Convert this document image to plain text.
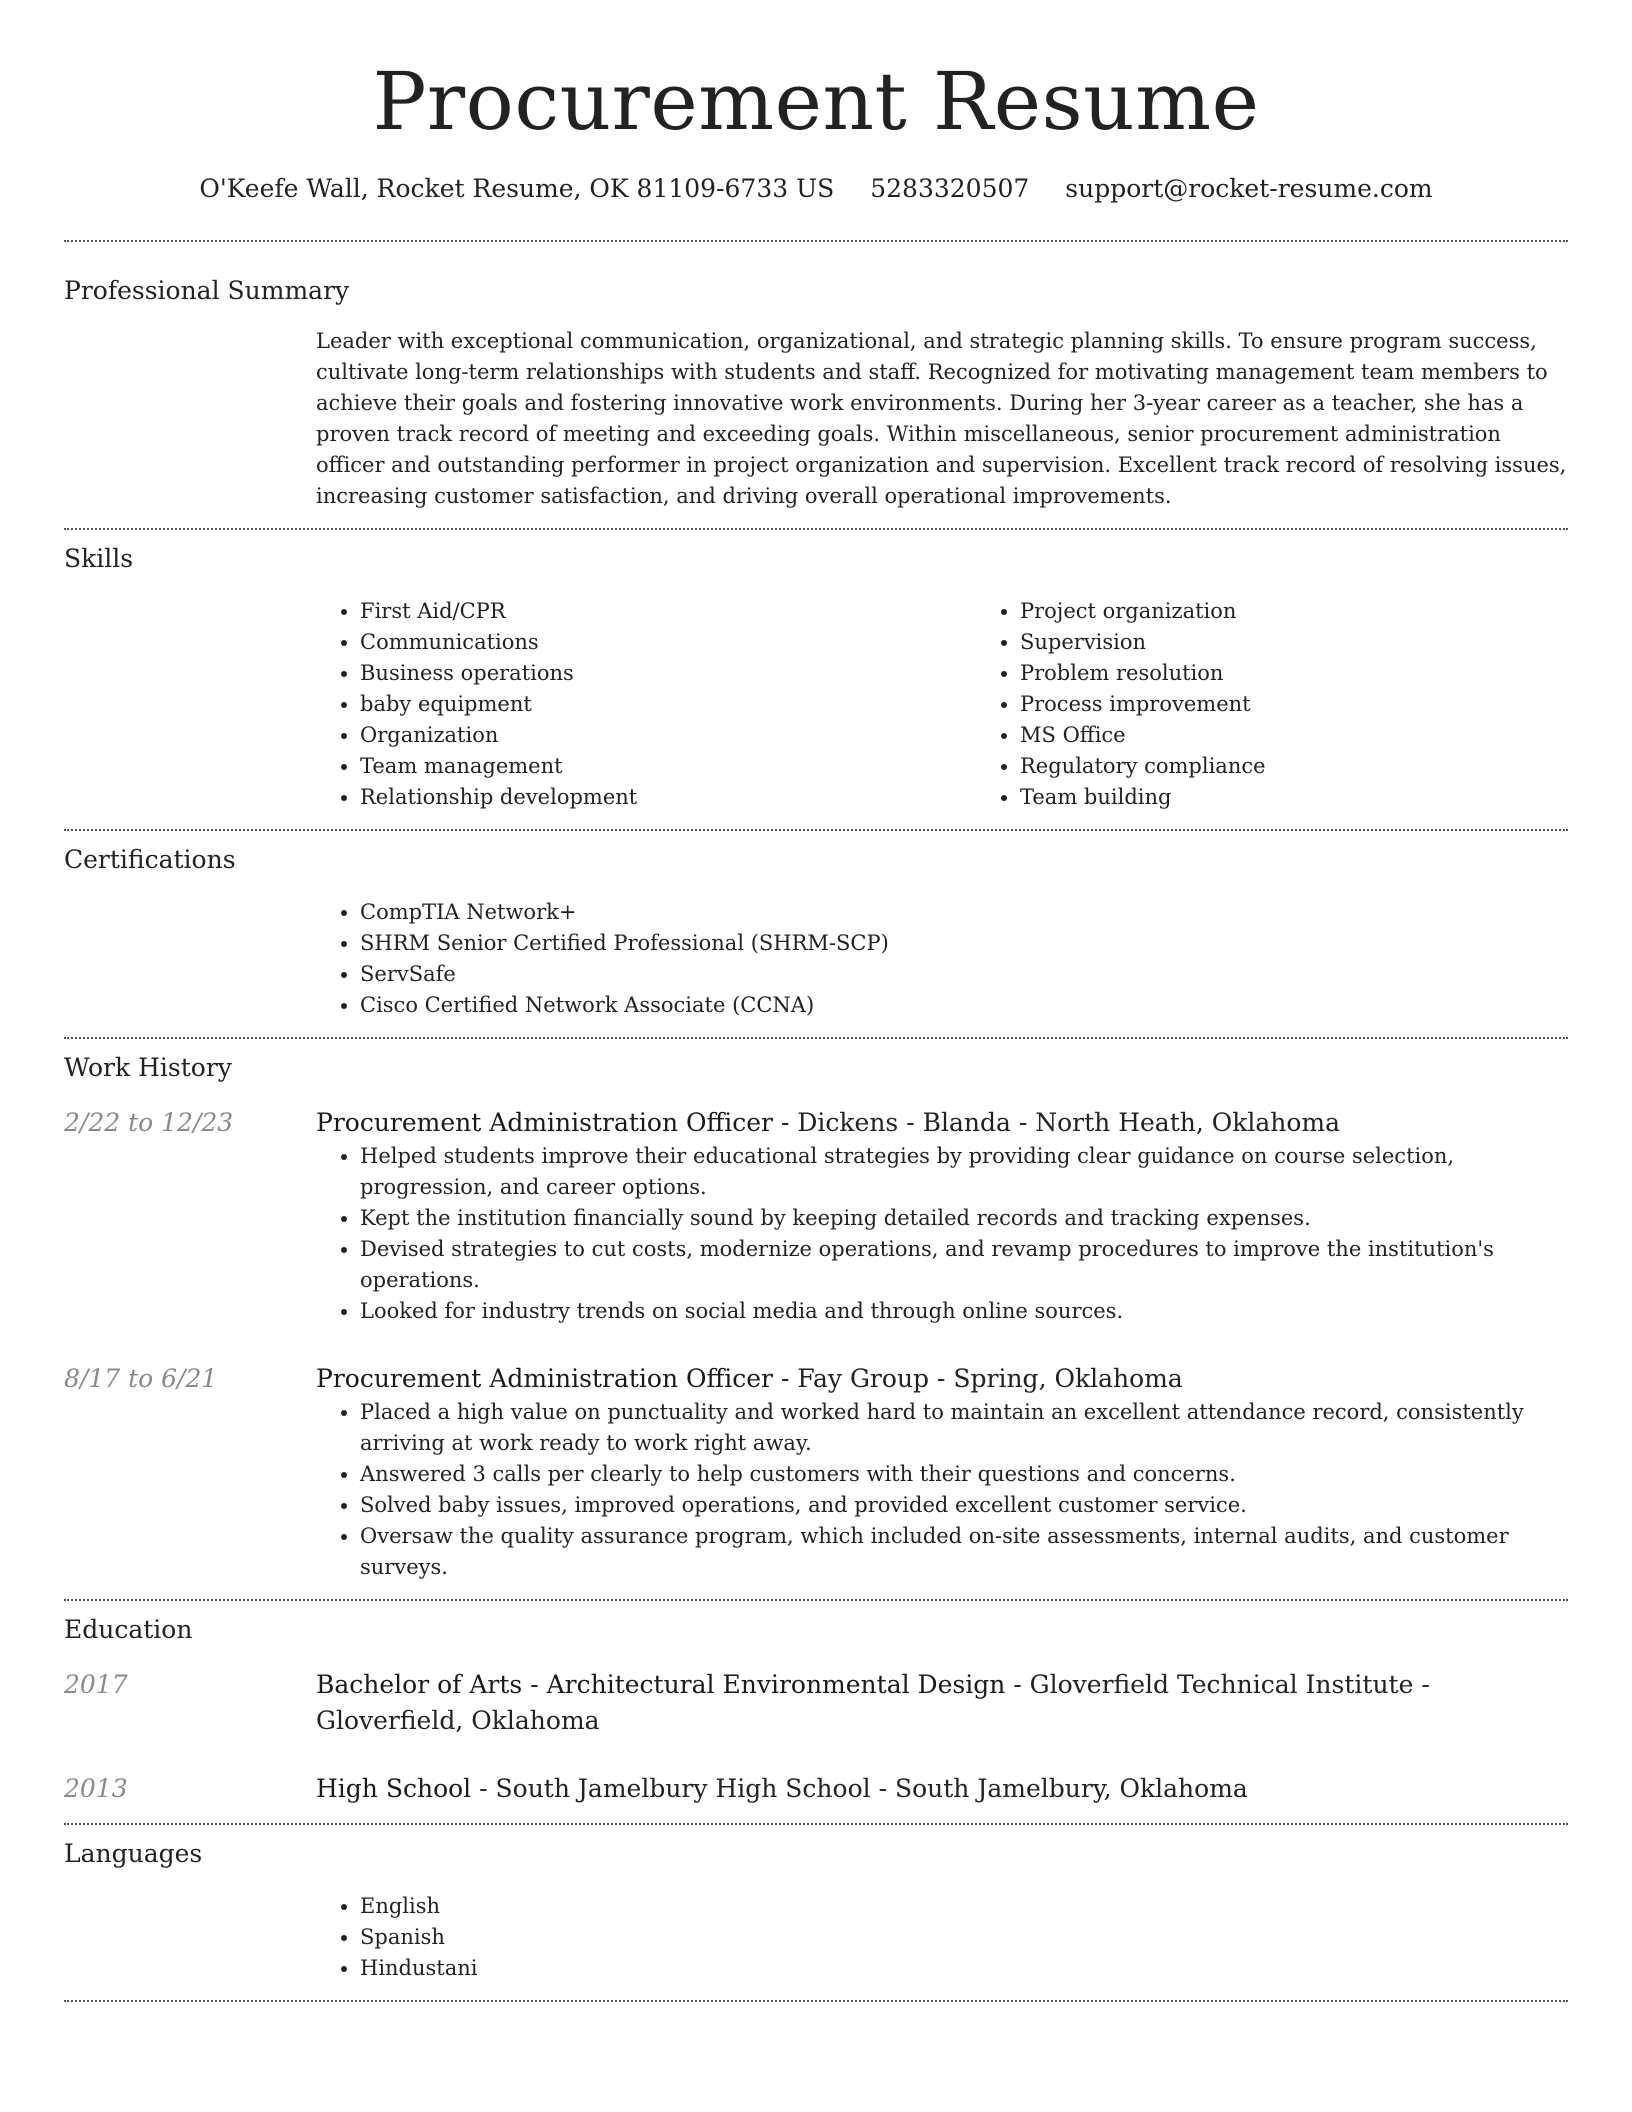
Procurement Resume
O'Keefe Wall, Rocket Resume, OK 81109-6733 US 5283320507 support@rocket-resume.com
Professional Summary

Leader with exceptional communication, organizational, and strategic planning skills. To ensure program success, cultivate long-term relationships with students and staff. Recognized for motivating management team members to achieve their goals and fostering innovative work environments. During her 3-year career as a teacher, she has a proven track record of meeting and exceeding goals. Within miscellaneous, senior procurement administration officer and outstanding performer in project organization and supervision. Excellent track record of resolving issues, increasing customer satisfaction, and driving overall operational improvements.

Skills
• First Aid/CPR
• Communications
• Business operations
• baby equipment
• Organization
• Team management
• Relationship development
• Project organization
• Supervision
• Problem resolution
• Process improvement
• MS Office
• Regulatory compliance
• Team building
Certifications
• CompTIA Network+
• SHRM Senior Certified Professional (SHRM-SCP)
• ServSafe
• Cisco Certified Network Associate (CCNA)
Work History
2/22 to 12/23	Procurement Administration Officer - Dickens - Blanda - North Heath, Oklahoma
• Helped students improve their educational strategies by providing clear guidance on course selection, progression, and career options.
• Kept the institution financially sound by keeping detailed records and tracking expenses.
• Devised strategies to cut costs, modernize operations, and revamp procedures to improve the institution's operations.
• Looked for industry trends on social media and through online sources.
8/17 to 6/21	Procurement Administration Officer - Fay Group - Spring, Oklahoma
• Placed a high value on punctuality and worked hard to maintain an excellent attendance record, consistently arriving at work ready to work right away.
• Answered 3 calls per clearly to help customers with their questions and concerns.
• Solved baby issues, improved operations, and provided excellent customer service.
• Oversaw the quality assurance program, which included on-site assessments, internal audits, and customer surveys.
Education
2017	Bachelor of Arts - Architectural Environmental Design - Gloverfield Technical Institute - Gloverfield, Oklahoma
2013	High School - South Jamelbury High School - South Jamelbury, Oklahoma
Languages
• English
• Spanish
• Hindustani
